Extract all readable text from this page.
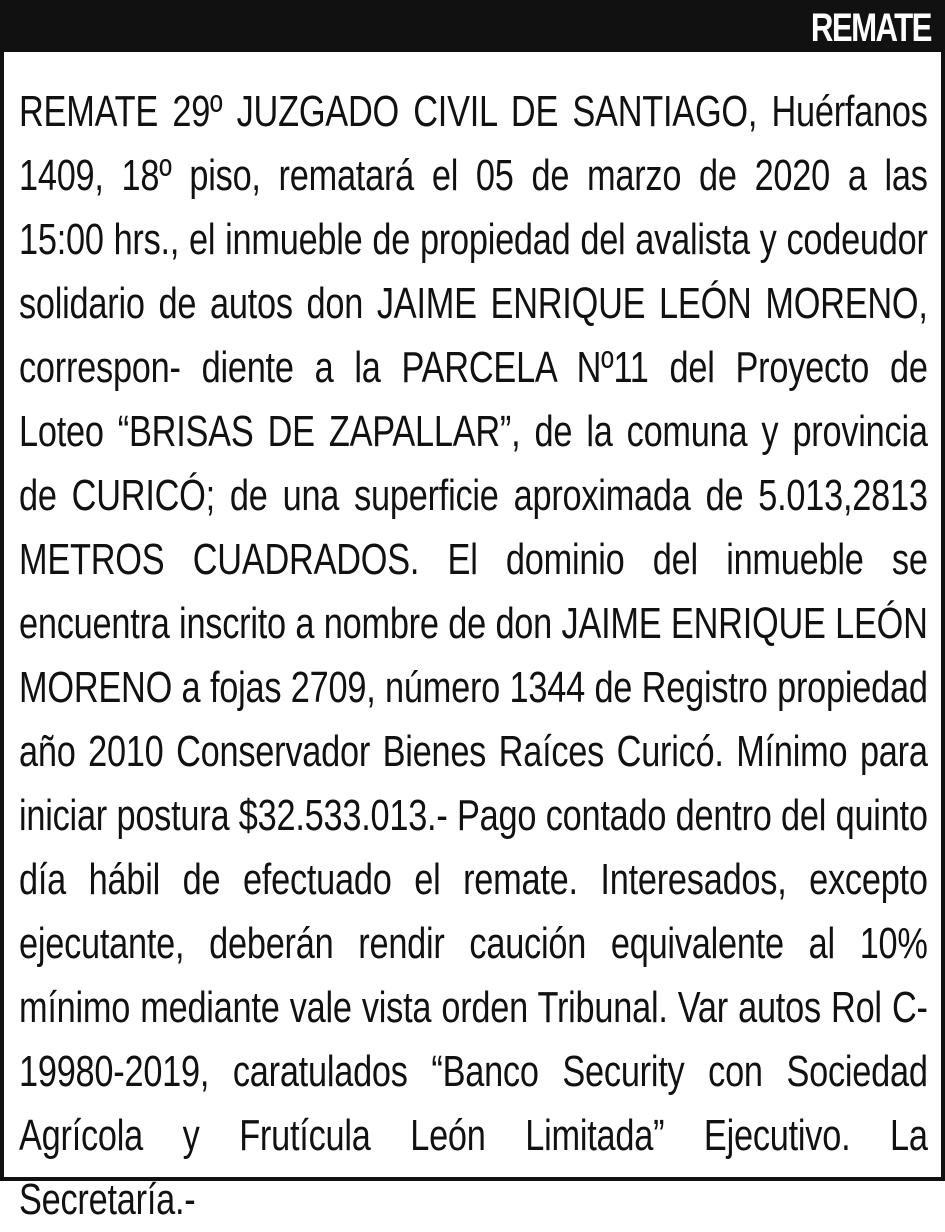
REMATE

REMATE 29º JUZGADO CIVIL DE SANTIAGO, Huérfanos 1409, 18º piso, rematará el 05 de marzo de 2020 a las 15:00 hrs., el inmueble de propiedad del avalista y codeudor solidario de autos don JAIME ENRIQUE LEÓN MORENO, correspon- diente a la PARCELA Nº11 del Proyecto de Loteo “BRISAS DE ZAPALLAR”, de la comuna y provincia de CURICÓ; de una superficie aproximada de 5.013,2813 METROS CUADRADOS. El dominio del inmueble se encuentra inscrito a nombre de don JAIME ENRIQUE LEÓN MORENO a fojas 2709, número 1344 de Registro propiedad año 2010 Conservador Bienes Raíces Curicó. Mínimo para iniciar postura $32.533.013.- Pago contado dentro del quinto día hábil de efectuado el remate. Interesados, excepto ejecutante, deberán rendir caución equivalente al 10% mínimo mediante vale vista orden Tribunal. Var autos Rol C-19980-2019, caratulados “Banco Security con Sociedad Agrícola y Frutícula León Limitada” Ejecutivo. La Secretaría.-
